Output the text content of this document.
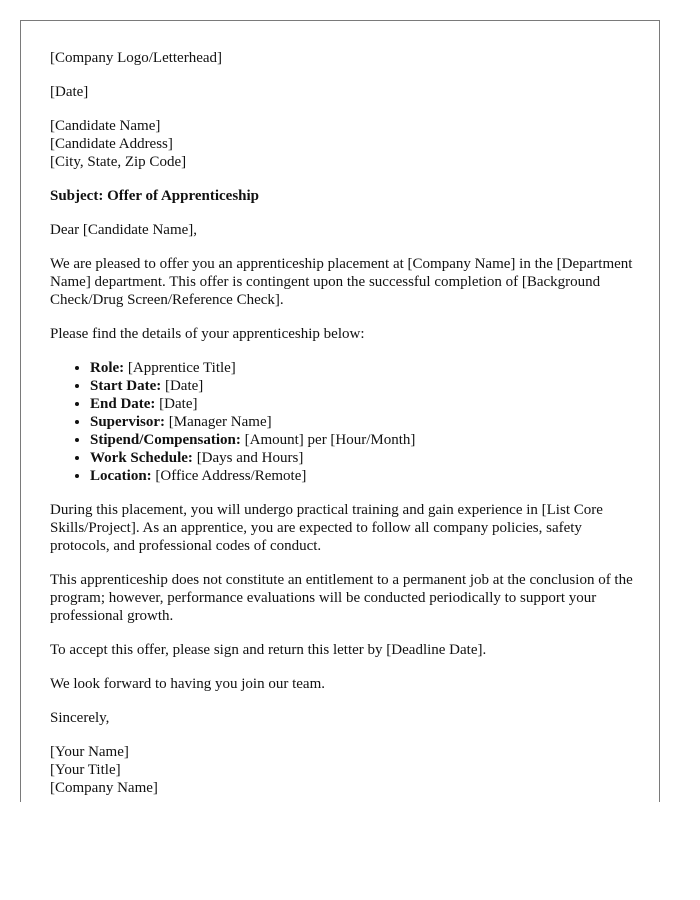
[Company Logo/Letterhead]

[Date]

[Candidate Name]
[Candidate Address]
[City, State, Zip Code]

Subject: Offer of Apprenticeship

Dear [Candidate Name],

We are pleased to offer you an apprenticeship placement at [Company Name] in the [Department Name] department. This offer is contingent upon the successful completion of [Background Check/Drug Screen/Reference Check].

Please find the details of your apprenticeship below:

• Role: [Apprentice Title]
• Start Date: [Date]
• End Date: [Date]
• Supervisor: [Manager Name]
• Stipend/Compensation: [Amount] per [Hour/Month]
• Work Schedule: [Days and Hours]
• Location: [Office Address/Remote]

During this placement, you will undergo practical training and gain experience in [List Core Skills/Project]. As an apprentice, you are expected to follow all company policies, safety protocols, and professional codes of conduct.

This apprenticeship does not constitute an entitlement to a permanent job at the conclusion of the program; however, performance evaluations will be conducted periodically to support your professional growth.

To accept this offer, please sign and return this letter by [Deadline Date].

We look forward to having you join our team.

Sincerely,

[Your Name]
[Your Title]
[Company Name]
